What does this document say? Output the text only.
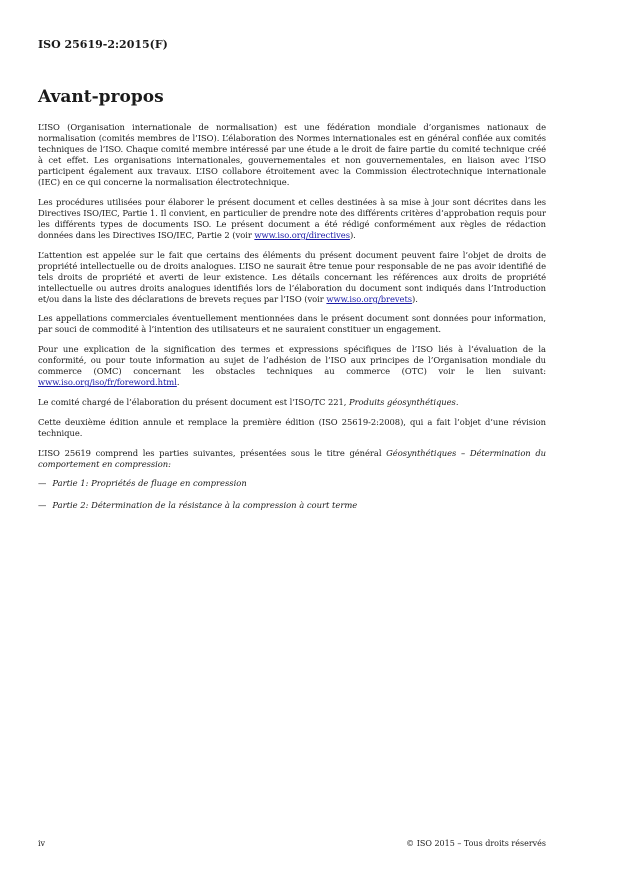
ISO 25619-2:2015(F)
Avant-propos

L’ISO (Organisation internationale de normalisation) est une fédération mondiale d’organismes nationaux de normalisation (comités membres de l’ISO). L’élaboration des Normes internationales est en général confiée aux comités techniques de l’ISO. Chaque comité membre intéressé par une étude a le droit de faire partie du comité technique créé à cet effet. Les organisations internationales, gouvernementales et non gouvernementales, en liaison avec l’ISO participent également aux travaux. L’ISO collabore étroitement avec la Commission électrotechnique internationale (IEC) en ce qui concerne la normalisation électrotechnique.

Les procédures utilisées pour élaborer le présent document et celles destinées à sa mise à jour sont décrites dans les Directives ISO/IEC, Partie 1. Il convient, en particulier de prendre note des différents critères d’approbation requis pour les différents types de documents ISO. Le présent document a été rédigé conformément aux règles de rédaction données dans les Directives ISO/IEC, Partie 2 (voir www.iso.org/directives).

L’attention est appelée sur le fait que certains des éléments du présent document peuvent faire l’objet de droits de propriété intellectuelle ou de droits analogues. L’ISO ne saurait être tenue pour responsable de ne pas avoir identifié de tels droits de propriété et averti de leur existence. Les détails concernant les références aux droits de propriété intellectuelle ou autres droits analogues identifiés lors de l’élaboration du document sont indiqués dans l’Introduction et/ou dans la liste des déclarations de brevets reçues par l’ISO (voir www.iso.org/brevets).

Les appellations commerciales éventuellement mentionnées dans le présent document sont données pour information, par souci de commodité à l’intention des utilisateurs et ne sauraient constituer un engagement.

Pour une explication de la signification des termes et expressions spécifiques de l’ISO liés à l’évaluation de la conformité, ou pour toute information au sujet de l’adhésion de l’ISO aux principes de l’Organisation mondiale du commerce (OMC) concernant les obstacles techniques au commerce (OTC) voir le lien suivant: www.iso.org/iso/fr/foreword.html.

Le comité chargé de l’élaboration du présent document est l’ISO/TC 221, Produits géosynthétiques.

Cette deuxième édition annule et remplace la première édition (ISO 25619-2:2008), qui a fait l’objet d’une révision technique.

L’ISO 25619 comprend les parties suivantes, présentées sous le titre général Géosynthétiques – Détermination du comportement en compression:

— Partie 1: Propriétés de fluage en compression
— Partie 2: Détermination de la résistance à la compression à court terme
iv	© ISO 2015 – Tous droits réservés
